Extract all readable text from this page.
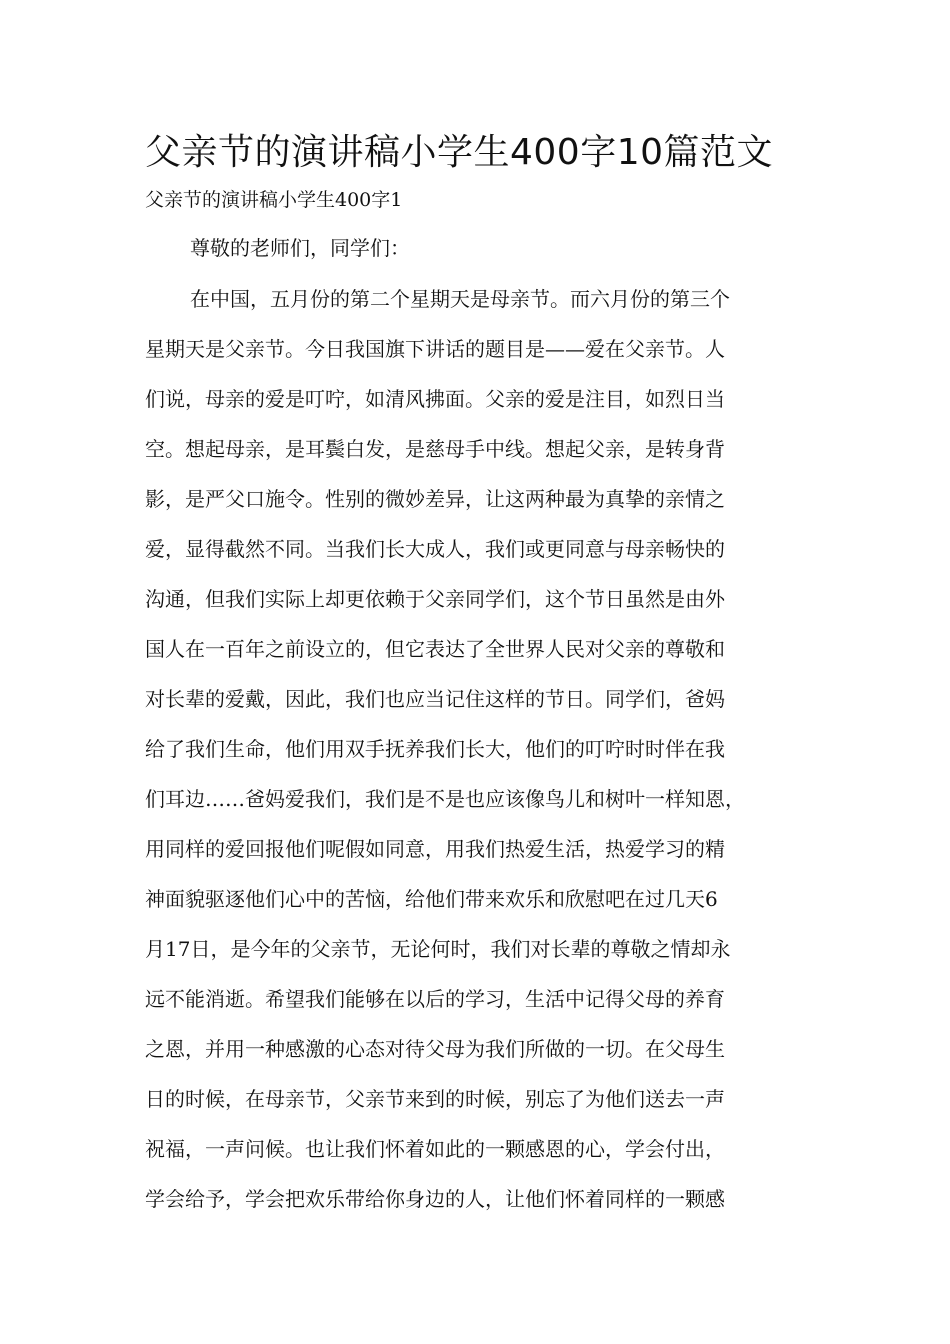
父亲节的演讲稿小学生400字10篇范文
父亲节的演讲稿小学生400字1

尊敬的老师们，同学们：

在中国，五月份的第二个星期天是母亲节。而六月份的第三个

星期天是父亲节。今日我国旗下讲话的题目是——爱在父亲节。人

们说，母亲的爱是叮咛，如清风拂面。父亲的爱是注目，如烈日当

空。想起母亲，是耳鬓白发，是慈母手中线。想起父亲，是转身背

影，是严父口施令。性别的微妙差异，让这两种最为真挚的亲情之

爱，显得截然不同。当我们长大成人，我们或更同意与母亲畅快的

沟通，但我们实际上却更依赖于父亲同学们，这个节日虽然是由外

国人在一百年之前设立的，但它表达了全世界人民对父亲的尊敬和

对长辈的爱戴，因此，我们也应当记住这样的节日。同学们，爸妈

给了我们生命，他们用双手抚养我们长大，他们的叮咛时时伴在我

们耳边……爸妈爱我们，我们是不是也应该像鸟儿和树叶一样知恩，

用同样的爱回报他们呢假如同意，用我们热爱生活，热爱学习的精

神面貌驱逐他们心中的苦恼，给他们带来欢乐和欣慰吧在过几天6

月17日，是今年的父亲节，无论何时，我们对长辈的尊敬之情却永

远不能消逝。希望我们能够在以后的学习，生活中记得父母的养育

之恩，并用一种感激的心态对待父母为我们所做的一切。在父母生

日的时候，在母亲节，父亲节来到的时候，别忘了为他们送去一声

祝福，一声问候。也让我们怀着如此的一颗感恩的心，学会付出，

学会给予，学会把欢乐带给你身边的人，让他们怀着同样的一颗感
